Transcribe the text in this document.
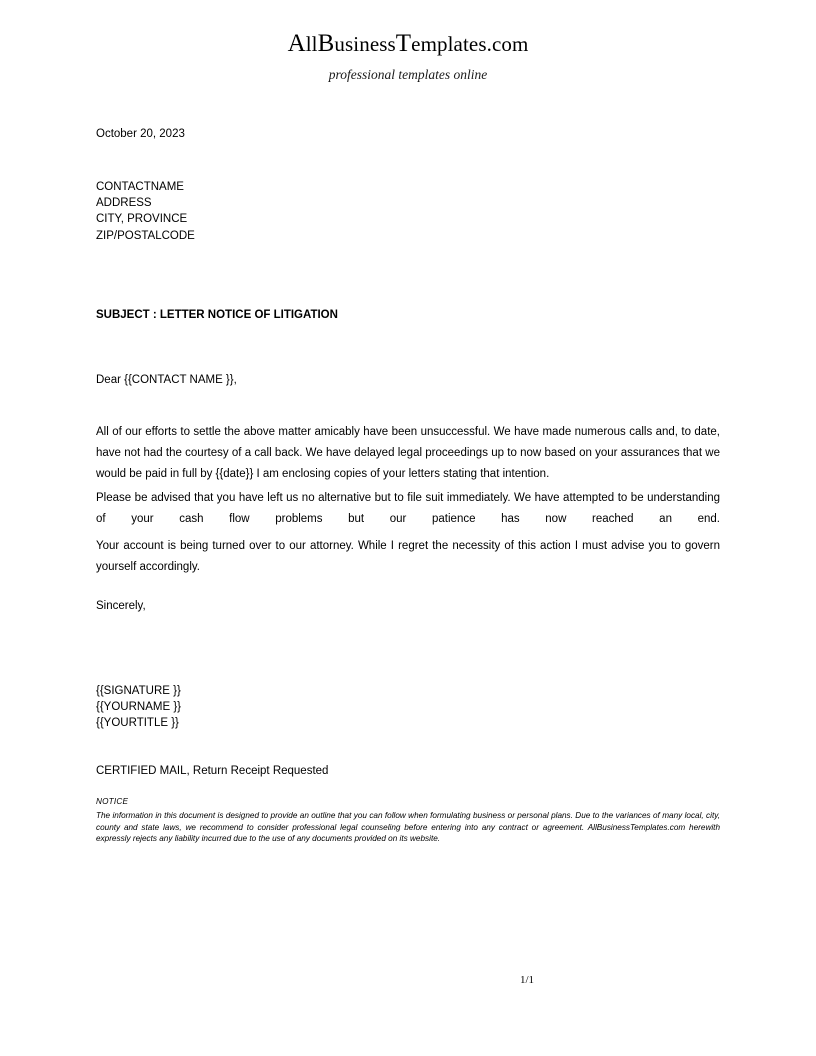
AllBusinessTemplates.com
professional templates online
October 20, 2023
CONTACTNAME
ADDRESS
CITY, PROVINCE
ZIP/POSTALCODE
SUBJECT : LETTER NOTICE OF LITIGATION
Dear {{CONTACT NAME }},
All of our efforts to settle the above matter amicably have been unsuccessful. We have made numerous calls and, to date, have not had the courtesy of a call back. We have delayed legal proceedings up to now based on your assurances that we would be paid in full by {{date}} I am enclosing copies of your letters stating that intention.
Please be advised that you have left us no alternative but to file suit immediately. We have attempted to be understanding of your cash flow problems but our patience has now reached an end.
Your account is being turned over to our attorney. While I regret the necessity of this action I must advise you to govern yourself accordingly.
Sincerely,
{{SIGNATURE }}
{{YOURNAME }}
{{YOURTITLE }}
CERTIFIED MAIL, Return Receipt Requested
NOTICE
The information in this document is designed to provide an outline that you can follow when formulating business or personal plans. Due to the variances of many local, city, county and state laws, we recommend to consider professional legal counseling before entering into any contract or agreement. AllBusinessTemplates.com herewith expressly rejects any liability incurred due to the use of any documents provided on its website.
1/1
